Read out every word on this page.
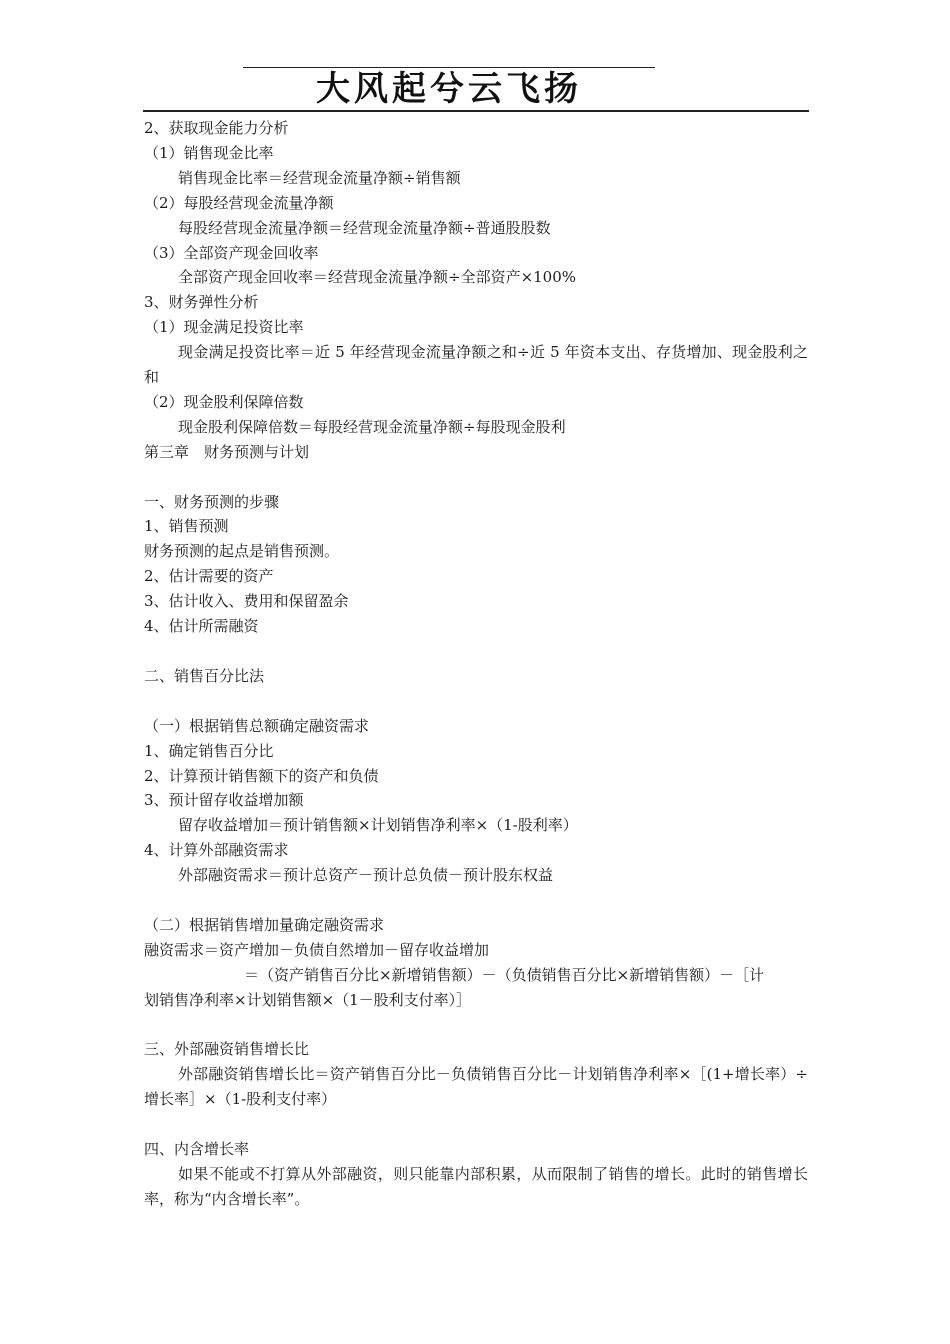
大风起兮云飞扬
2、获取现金能力分析
（1）销售现金比率
销售现金比率＝经营现金流量净额÷销售额
（2）每股经营现金流量净额
每股经营现金流量净额＝经营现金流量净额÷普通股股数
（3）全部资产现金回收率
全部资产现金回收率＝经营现金流量净额÷全部资产×100%
3、财务弹性分析
（1）现金满足投资比率
现金满足投资比率＝近 5 年经营现金流量净额之和÷近 5 年资本支出、存货增加、现金股利之和
（2）现金股利保障倍数
现金股利保障倍数＝每股经营现金流量净额÷每股现金股利
第三章　财务预测与计划
一、财务预测的步骤
1、销售预测
财务预测的起点是销售预测。
2、估计需要的资产
3、估计收入、费用和保留盈余
4、估计所需融资
二、销售百分比法
（一）根据销售总额确定融资需求
1、确定销售百分比
2、计算预计销售额下的资产和负债
3、预计留存收益增加额
留存收益增加＝预计销售额×计划销售净利率×（1-股利率）
4、计算外部融资需求
外部融资需求＝预计总资产－预计总负债－预计股东权益
（二）根据销售增加量确定融资需求
融资需求＝资产增加－负债自然增加－留存收益增加
＝（资产销售百分比×新增销售额）－（负债销售百分比×新增销售额）－［计
划销售净利率×计划销售额×（1－股利支付率）］
三、外部融资销售增长比
外部融资销售增长比＝资产销售百分比－负债销售百分比－计划销售净利率×［(1+增长率）÷增长率］×（1-股利支付率）
四、内含增长率
如果不能或不打算从外部融资，则只能靠内部积累，从而限制了销售的增长。此时的销售增长率，称为“内含增长率”。
